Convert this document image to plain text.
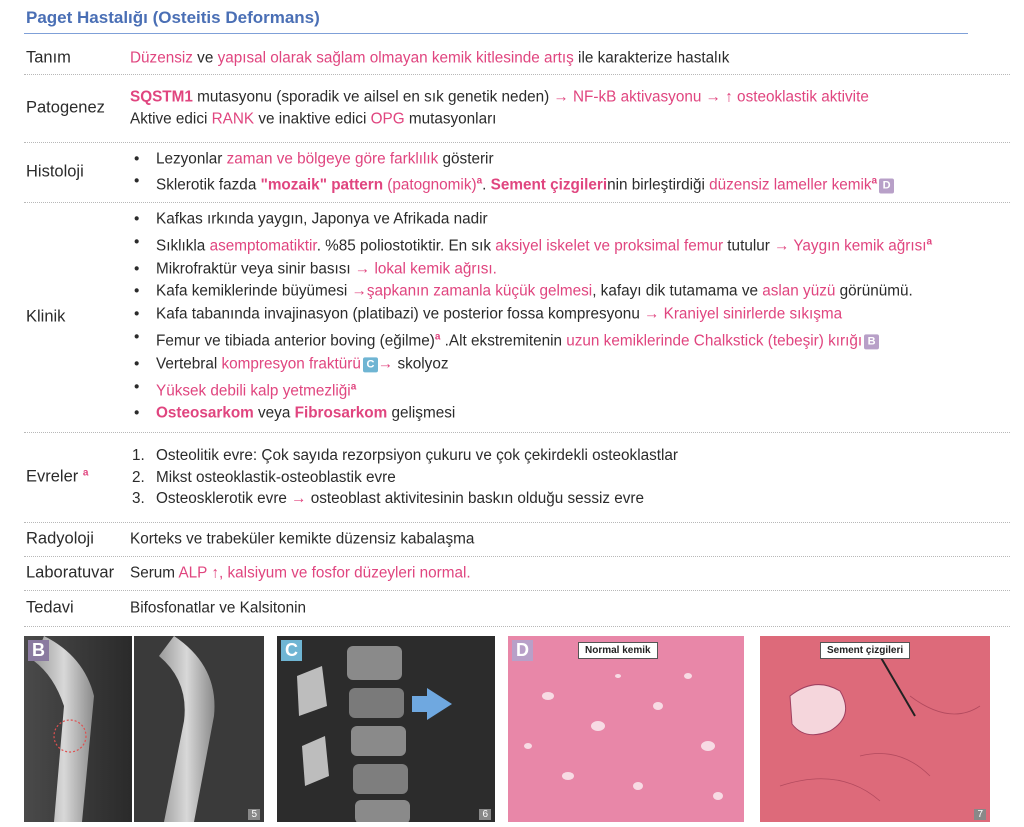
Paget Hastalığı (Osteitis Deformans)
Tanım	Düzensiz ve yapısal olarak sağlam olmayan kemik kitlesinde artış ile karakterize hastalık
Patogenez
SQSTM1 mutasyonu (sporadik ve ailsel en sık genetik neden) → NF-kB aktivasyonu → ↑ osteoklastik aktivite
Aktive edici RANK ve inaktive edici OPG mutasyonları
Histoloji
• Lezyonlar zaman ve bölgeye göre farklılık gösterir
• Sklerotik fazda "mozaik" pattern (patognomik)$^a$. Sement çizgilerinin birleştirdiği düzensiz lameller kemik$^a$ D
Klinik
• Kafkas ırkında yaygın, Japonya ve Afrikada nadir
• Sıklıkla asemptomatiktir. %85 poliostotiktir. En sık aksiyel iskelet ve proksimal femur tutulur → Yaygın kemik ağrısı$^a$
• Mikrofraktür veya sinir basısı → lokal kemik ağrısı.
• Kafa kemiklerinde büyümesi →şapkanın zamanla küçük gelmesi, kafayı dik tutamama ve aslan yüzü görünümü.
• Kafa tabanında invajinasyon (platibazi) ve posterior fossa kompresyonu → Kraniyel sinirlerde sıkışma
• Femur ve tibiada anterior boving (eğilme)$^a$ .Alt ekstremitenin uzun kemiklerinde Chalkstick (tebeşir) kırığı B
• Vertebral kompresyon fraktürü C → skolyoz
• Yüksek debili kalp yetmezliği$^a$
• Osteosarkom veya Fibrosarkom gelişmesi
Evreler $^a$
1. Osteolitik evre: Çok sayıda rezorpsiyon çukuru ve çok çekirdekli osteoklastlar
2. Mikst osteoklastik-osteoblastik evre
3. Osteosklerotik evre → osteoblast aktivitesinin baskın olduğu sessiz evre
Radyoloji Korteks ve trabeküler kemikte düzensiz kabalaşma
Laboratuvar Serum ALP ↑, kalsiyum ve fosfor düzeyleri normal.
Tedavi	Bifosfonatlar ve Kalsitonin
B
5
C
6
D	Normal kemik	Sement çizgileri
7
